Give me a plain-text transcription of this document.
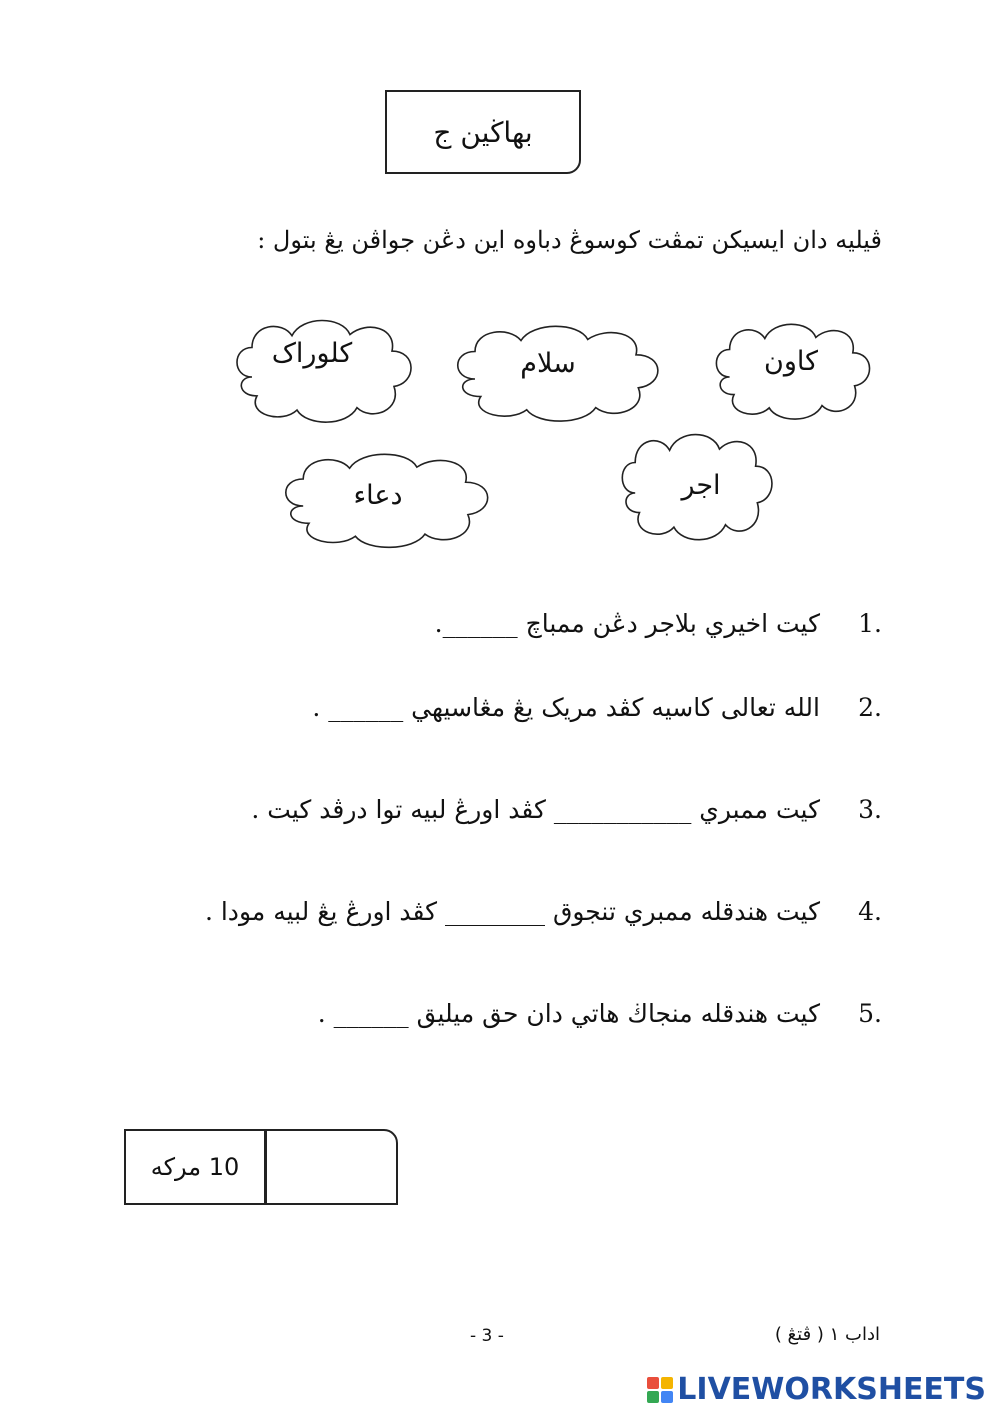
بهاڬين ج
ڤيليه دان ايسيکن تمڤت کوسوڠ دباوه اين دڠن جواڤن يڠ بتول :
کاون
سلام
کلوراک
اجر
دعاء
1.کيت اخيري بلاجر دڠن ممباچ ______.
2.الله تعالى کاسيه کڤد مريک يڠ مڠاسيهي ______ .
3.کيت ممبري ___________ کڤد اورڠ لبيه توا درڤد کيت .
4.کيت هندقله ممبري تنجوق ________ کڤد اورڠ يڠ لبيه مودا .
5.کيت هندقله منجاڬ هاتي دان حق ميليق ______ .
10 مرکه
- 3 -	اداب ١ ( ڤتڠ )
LIVEWORKSHEETS
